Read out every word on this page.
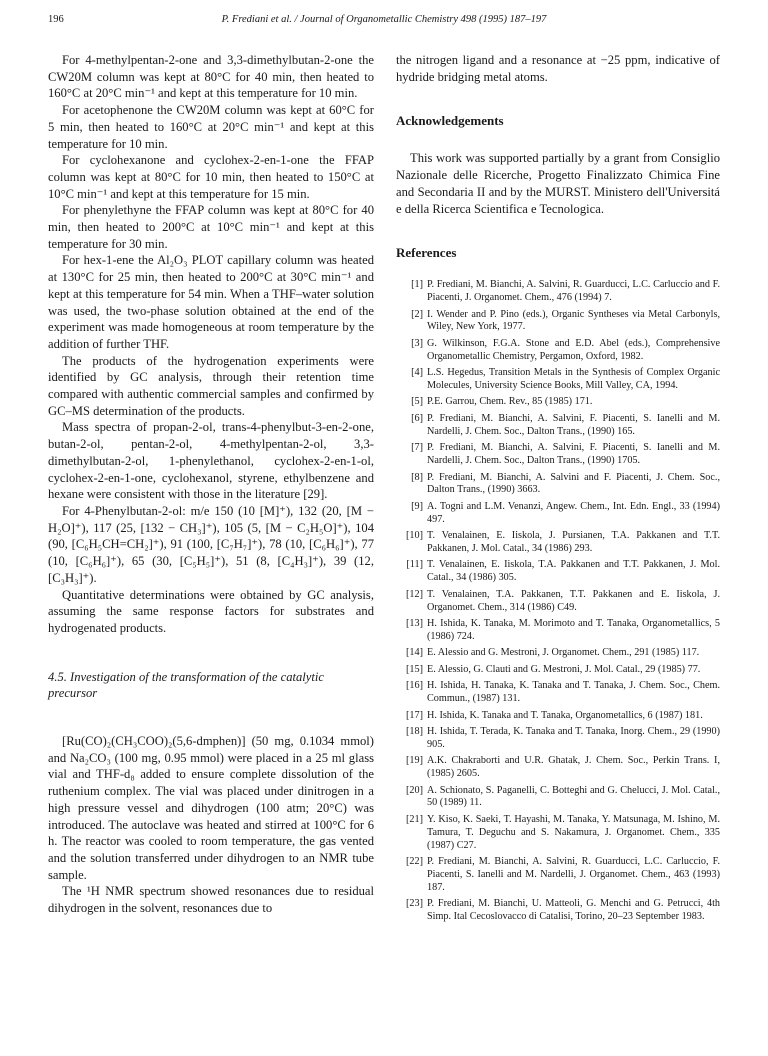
196	P. Frediani et al. / Journal of Organometallic Chemistry 498 (1995) 187–197

For 4-methylpentan-2-one and 3,3-dimethylbutan-2-one the CW20M column was kept at 80°C for 40 min, then heated to 160°C at 20°C min⁻¹ and kept at this temperature for 10 min.

For acetophenone the CW20M column was kept at 60°C for 5 min, then heated to 160°C at 20°C min⁻¹ and kept at this temperature for 10 min.

For cyclohexanone and cyclohex-2-en-1-one the FFAP column was kept at 80°C for 10 min, then heated to 150°C at 10°C min⁻¹ and kept at this temperature for 15 min.

For phenylethyne the FFAP column was kept at 80°C for 40 min, then heated to 200°C at 10°C min⁻¹ and kept at this temperature for 30 min.

For hex-1-ene the Al₂O₃ PLOT capillary column was heated at 130°C for 25 min, then heated to 200°C at 30°C min⁻¹ and kept at this temperature for 54 min. When a THF–water solution was used, the two-phase solution obtained at the end of the experiment was made homogeneous at room temperature by the addition of further THF.

The products of the hydrogenation experiments were identified by GC analysis, through their retention time compared with authentic commercial samples and confirmed by GC–MS determination of the products.

Mass spectra of propan-2-ol, trans-4-phenylbut-3-en-2-one, butan-2-ol, pentan-2-ol, 4-methylpentan-2-ol, 3,3-dimethylbutan-2-ol, 1-phenylethanol, cyclohex-2-en-1-ol, cyclohex-2-en-1-one, cyclohexanol, styrene, ethylbenzene and hexane were consistent with those in the literature [29].

For 4-Phenylbutan-2-ol: m/e 150 (10 [M]⁺), 132 (20, [M − H₂O]⁺), 117 (25, [132 − CH₃]⁺), 105 (5, [M − C₂H₅O]⁺), 104 (90, [C₆H₅CH=CH₂]⁺), 91 (100, [C₇H₇]⁺), 78 (10, [C₆H₆]⁺), 77 (10, [C₆H₆]⁺), 65 (30, [C₅H₅]⁺), 51 (8, [C₄H₃]⁺), 39 (12, [C₃H₃]⁺).

Quantitative determinations were obtained by GC analysis, assuming the same response factors for substrates and hydrogenated products.

4.5. Investigation of the transformation of the catalytic precursor

[Ru(CO)₂(CH₃COO)₂(5,6-dmphen)] (50 mg, 0.1034 mmol) and Na₂CO₃ (100 mg, 0.95 mmol) were placed in a 25 ml glass vial and THF-d₈ added to ensure complete dissolution of the ruthenium complex. The vial was placed under dinitrogen in a high pressure vessel and dihydrogen (100 atm; 20°C) was introduced. The autoclave was heated and stirred at 100°C for 6 h. The reactor was cooled to room temperature, the gas vented and the solution transferred under dihydrogen to an NMR tube sample.

The ¹H NMR spectrum showed resonances due to residual dihydrogen in the solvent, resonances due to

the nitrogen ligand and a resonance at −25 ppm, indicative of hydride bridging metal atoms.

Acknowledgements

This work was supported partially by a grant from Consiglio Nazionale delle Ricerche, Progetto Finalizzato Chimica Fine and Secondaria II and by the MURST. Ministero dell'Universitá e della Ricerca Scientifica e Tecnologica.

References
[1] P. Frediani, M. Bianchi, A. Salvini, R. Guarducci, L.C. Carluccio and F. Piacenti, J. Organomet. Chem., 476 (1994) 7.
[2] I. Wender and P. Pino (eds.), Organic Syntheses via Metal Carbonyls, Wiley, New York, 1977.
[3] G. Wilkinson, F.G.A. Stone and E.D. Abel (eds.), Comprehensive Organometallic Chemistry, Pergamon, Oxford, 1982.
[4] L.S. Hegedus, Transition Metals in the Synthesis of Complex Organic Molecules, University Science Books, Mill Valley, CA, 1994.
[5] P.E. Garrou, Chem. Rev., 85 (1985) 171.
[6] P. Frediani, M. Bianchi, A. Salvini, F. Piacenti, S. Ianelli and M. Nardelli, J. Chem. Soc., Dalton Trans., (1990) 165.
[7] P. Frediani, M. Bianchi, A. Salvini, F. Piacenti, S. Ianelli and M. Nardelli, J. Chem. Soc., Dalton Trans., (1990) 1705.
[8] P. Frediani, M. Bianchi, A. Salvini and F. Piacenti, J. Chem. Soc., Dalton Trans., (1990) 3663.
[9] A. Togni and L.M. Venanzi, Angew. Chem., Int. Edn. Engl., 33 (1994) 497.
[10] T. Venalainen, E. Iiskola, J. Pursianen, T.A. Pakkanen and T.T. Pakkanen, J. Mol. Catal., 34 (1986) 293.
[11] T. Venalainen, E. Iiskola, T.A. Pakkanen and T.T. Pakkanen, J. Mol. Catal., 34 (1986) 305.
[12] T. Venalainen, T.A. Pakkanen, T.T. Pakkanen and E. Iiskola, J. Organomet. Chem., 314 (1986) C49.
[13] H. Ishida, K. Tanaka, M. Morimoto and T. Tanaka, Organometallics, 5 (1986) 724.
[14] E. Alessio and G. Mestroni, J. Organomet. Chem., 291 (1985) 117.
[15] E. Alessio, G. Clauti and G. Mestroni, J. Mol. Catal., 29 (1985) 77.
[16] H. Ishida, H. Tanaka, K. Tanaka and T. Tanaka, J. Chem. Soc., Chem. Commun., (1987) 131.
[17] H. Ishida, K. Tanaka and T. Tanaka, Organometallics, 6 (1987) 181.
[18] H. Ishida, T. Terada, K. Tanaka and T. Tanaka, Inorg. Chem., 29 (1990) 905.
[19] A.K. Chakraborti and U.R. Ghatak, J. Chem. Soc., Perkin Trans. I, (1985) 2605.
[20] A. Schionato, S. Paganelli, C. Botteghi and G. Chelucci, J. Mol. Catal., 50 (1989) 11.
[21] Y. Kiso, K. Saeki, T. Hayashi, M. Tanaka, Y. Matsunaga, M. Ishino, M. Tamura, T. Deguchu and S. Nakamura, J. Organomet. Chem., 335 (1987) C27.
[22] P. Frediani, M. Bianchi, A. Salvini, R. Guarducci, L.C. Carluccio, F. Piacenti, S. Ianelli and M. Nardelli, J. Organomet. Chem., 463 (1993) 187.
[23] P. Frediani, M. Bianchi, U. Matteoli, G. Menchi and G. Petrucci, 4th Simp. Ital Cecoslovacco di Catalisi, Torino, 20–23 September 1983.
